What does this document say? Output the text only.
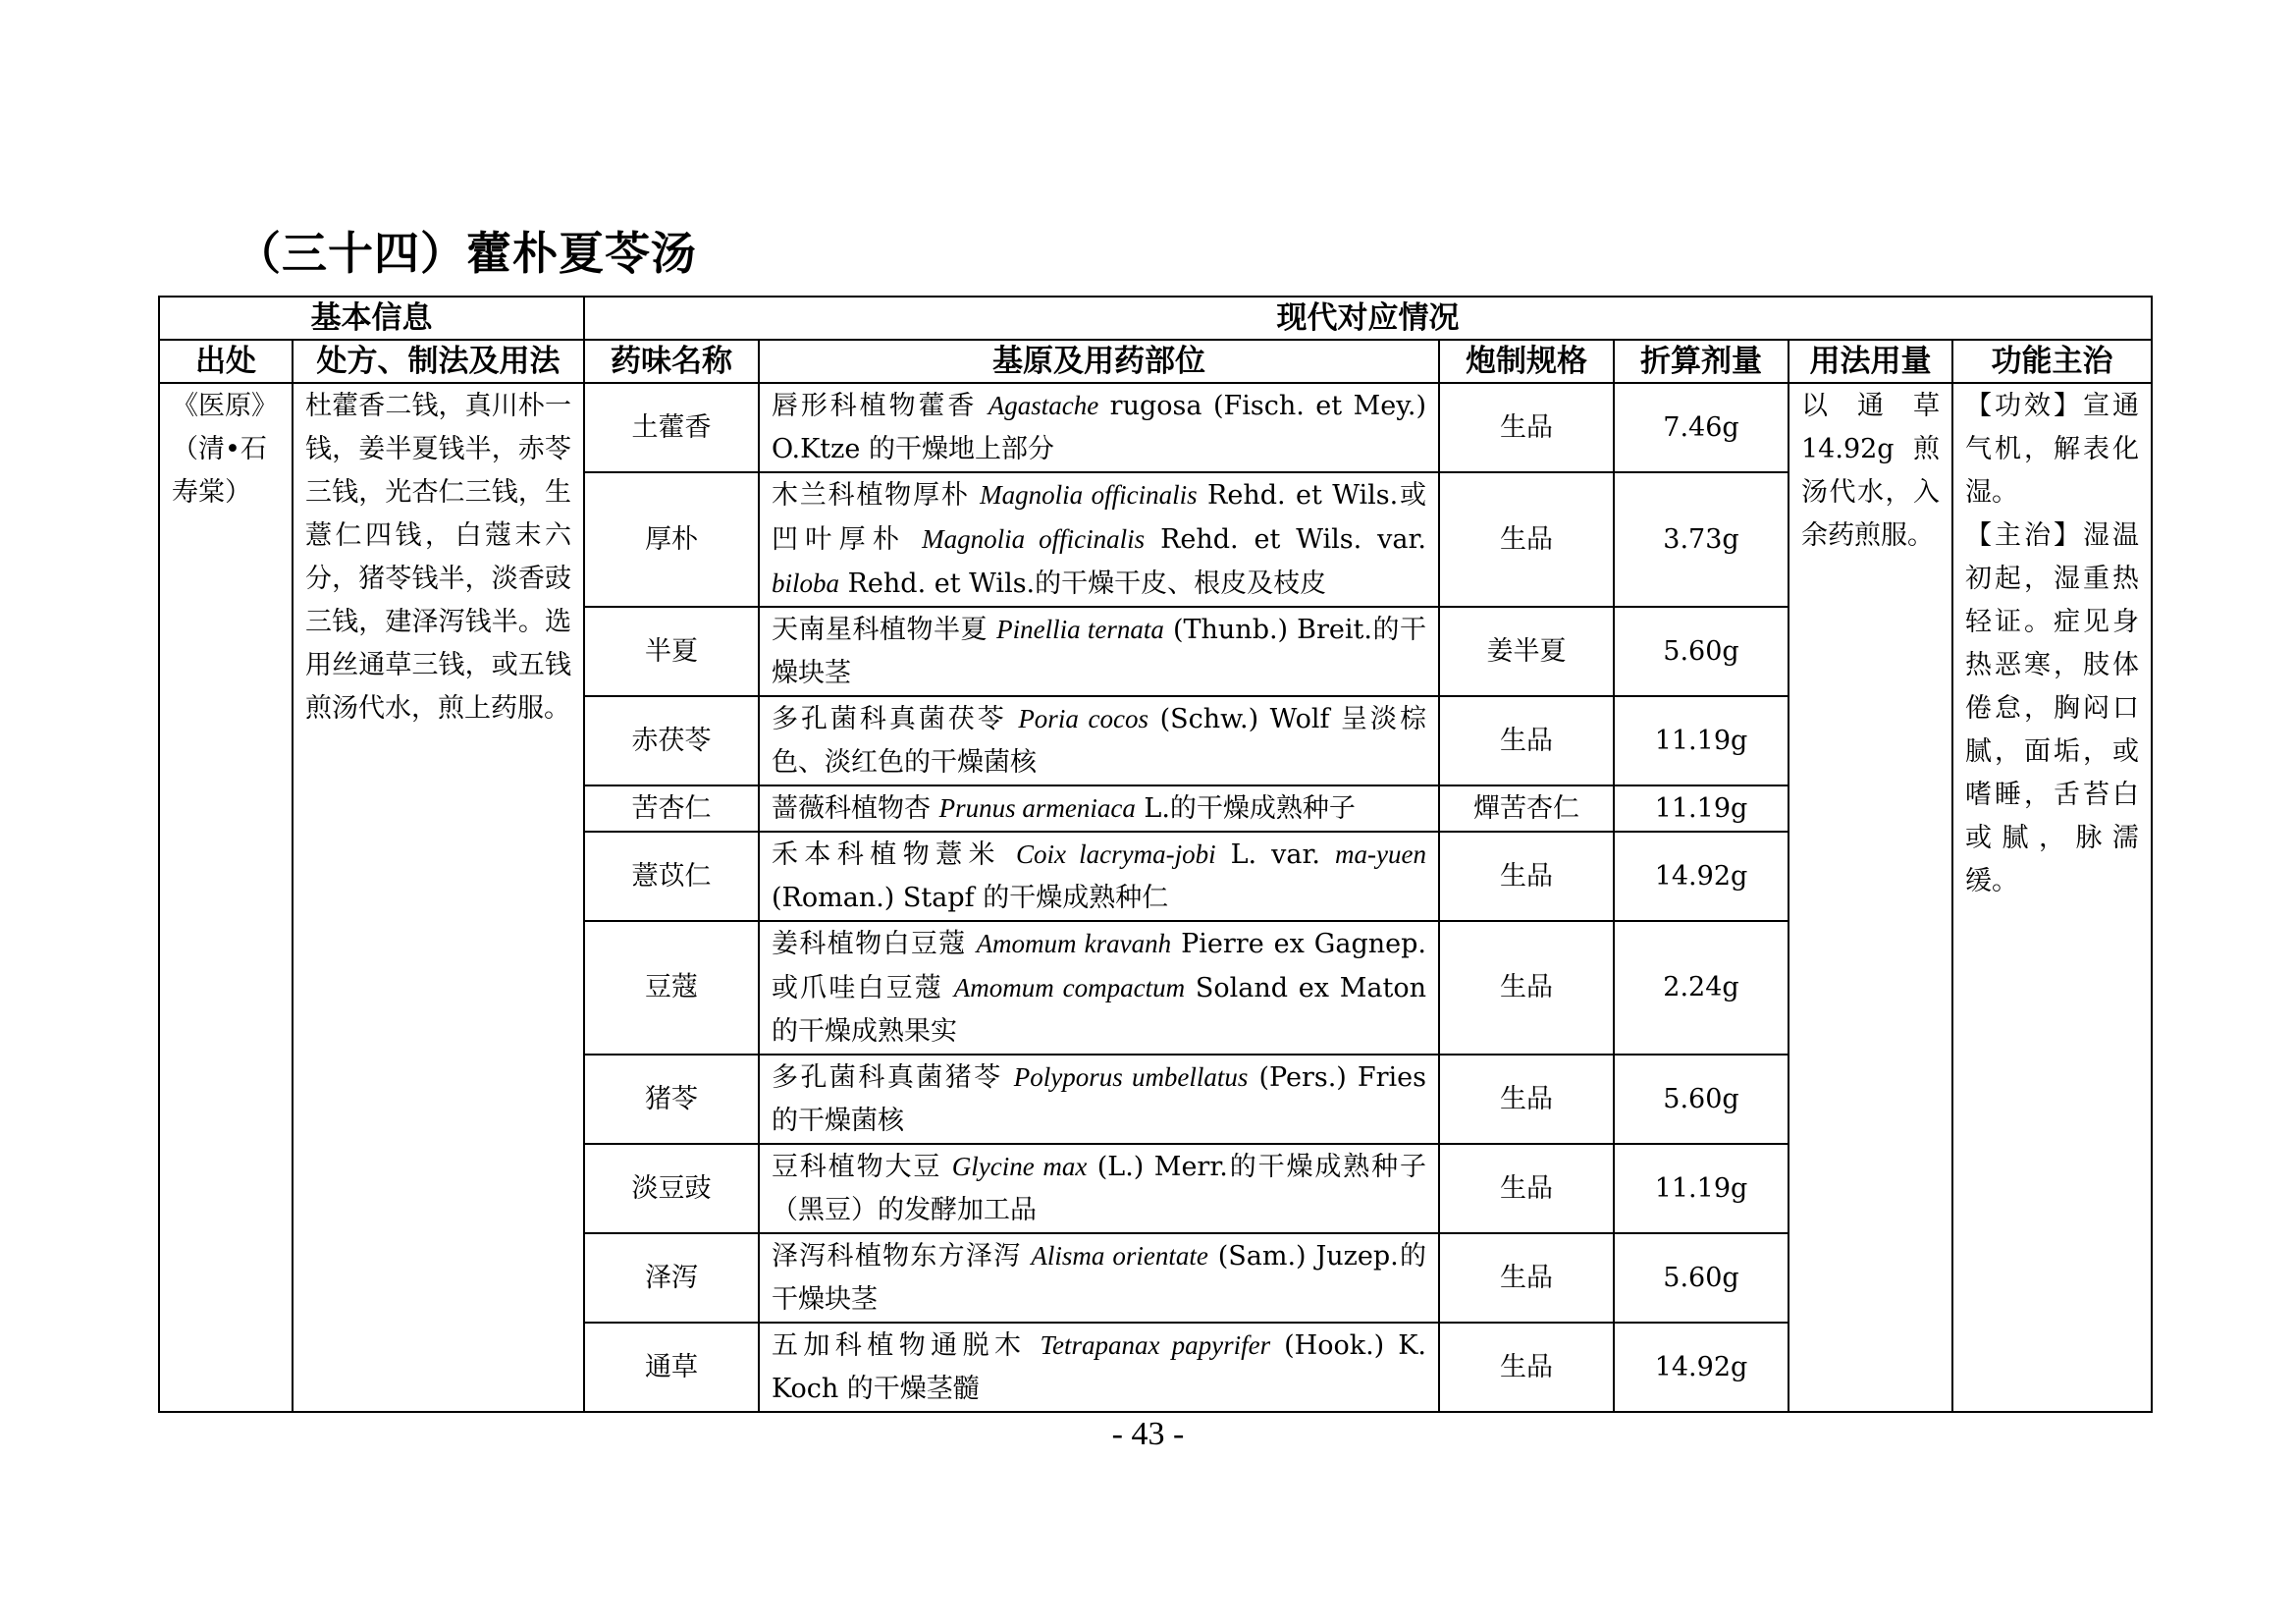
（三十四）藿朴夏苓汤
基本信息		现代对应情况					
出处	处方、制法及用法	药味名称	基原及用药部位	炮制规格	折算剂量	用法用量	功能主治
《医原》（清•石寿棠）	杜藿香二钱，真川朴一钱，姜半夏钱半，赤苓三钱，光杏仁三钱，生薏仁四钱，白蔻末六分，猪苓钱半，淡香豉三钱，建泽泻钱半。选用丝通草三钱，或五钱煎汤代水，煎上药服。	土藿香	唇形科植物藿香 Agastache rugosa (Fisch. et Mey.) O.Ktze 的干燥地上部分	生品	7.46g	以通草14.92g煎汤代水，入余药煎服。	【功效】宣通气机，解表化湿。
【主治】湿温初起，湿重热轻证。症见身热恶寒，肢体倦怠，胸闷口腻，面垢，或嗜睡，舌苔白或腻，脉濡缓。

		厚朴	木兰科植物厚朴 Magnolia officinalis Rehd. et Wils.或凹叶厚朴 Magnolia officinalis Rehd. et Wils. var. biloba Rehd. et Wils.的干燥干皮、根皮及枝皮	生品	3.73g		
		半夏	天南星科植物半夏 Pinellia ternata (Thunb.) Breit.的干燥块茎	姜半夏	5.60g		
		赤茯苓	多孔菌科真菌茯苓 Poria cocos (Schw.) Wolf 呈淡棕色、淡红色的干燥菌核	生品	11.19g		
		苦杏仁	蔷薇科植物杏 Prunus armeniaca L.的干燥成熟种子	燀苦杏仁	11.19g		
		薏苡仁	禾本科植物薏米 Coix lacryma-jobi L. var. ma-yuen (Roman.) Stapf 的干燥成熟种仁	生品	14.92g		
		豆蔻	姜科植物白豆蔻 Amomum kravanh Pierre ex Gagnep.或爪哇白豆蔻 Amomum compactum Soland ex Maton 的干燥成熟果实	生品	2.24g		
		猪苓	多孔菌科真菌猪苓 Polyporus umbellatus (Pers.) Fries 的干燥菌核	生品	5.60g		
		淡豆豉	豆科植物大豆 Glycine max (L.) Merr.的干燥成熟种子（黑豆）的发酵加工品	生品	11.19g		
		泽泻	泽泻科植物东方泽泻 Alisma orientate (Sam.) Juzep.的干燥块茎	生品	5.60g		
		通草	五加科植物通脱木 Tetrapanax papyrifer (Hook.) K. Koch 的干燥茎髓	生品	14.92g		
- 43 -
